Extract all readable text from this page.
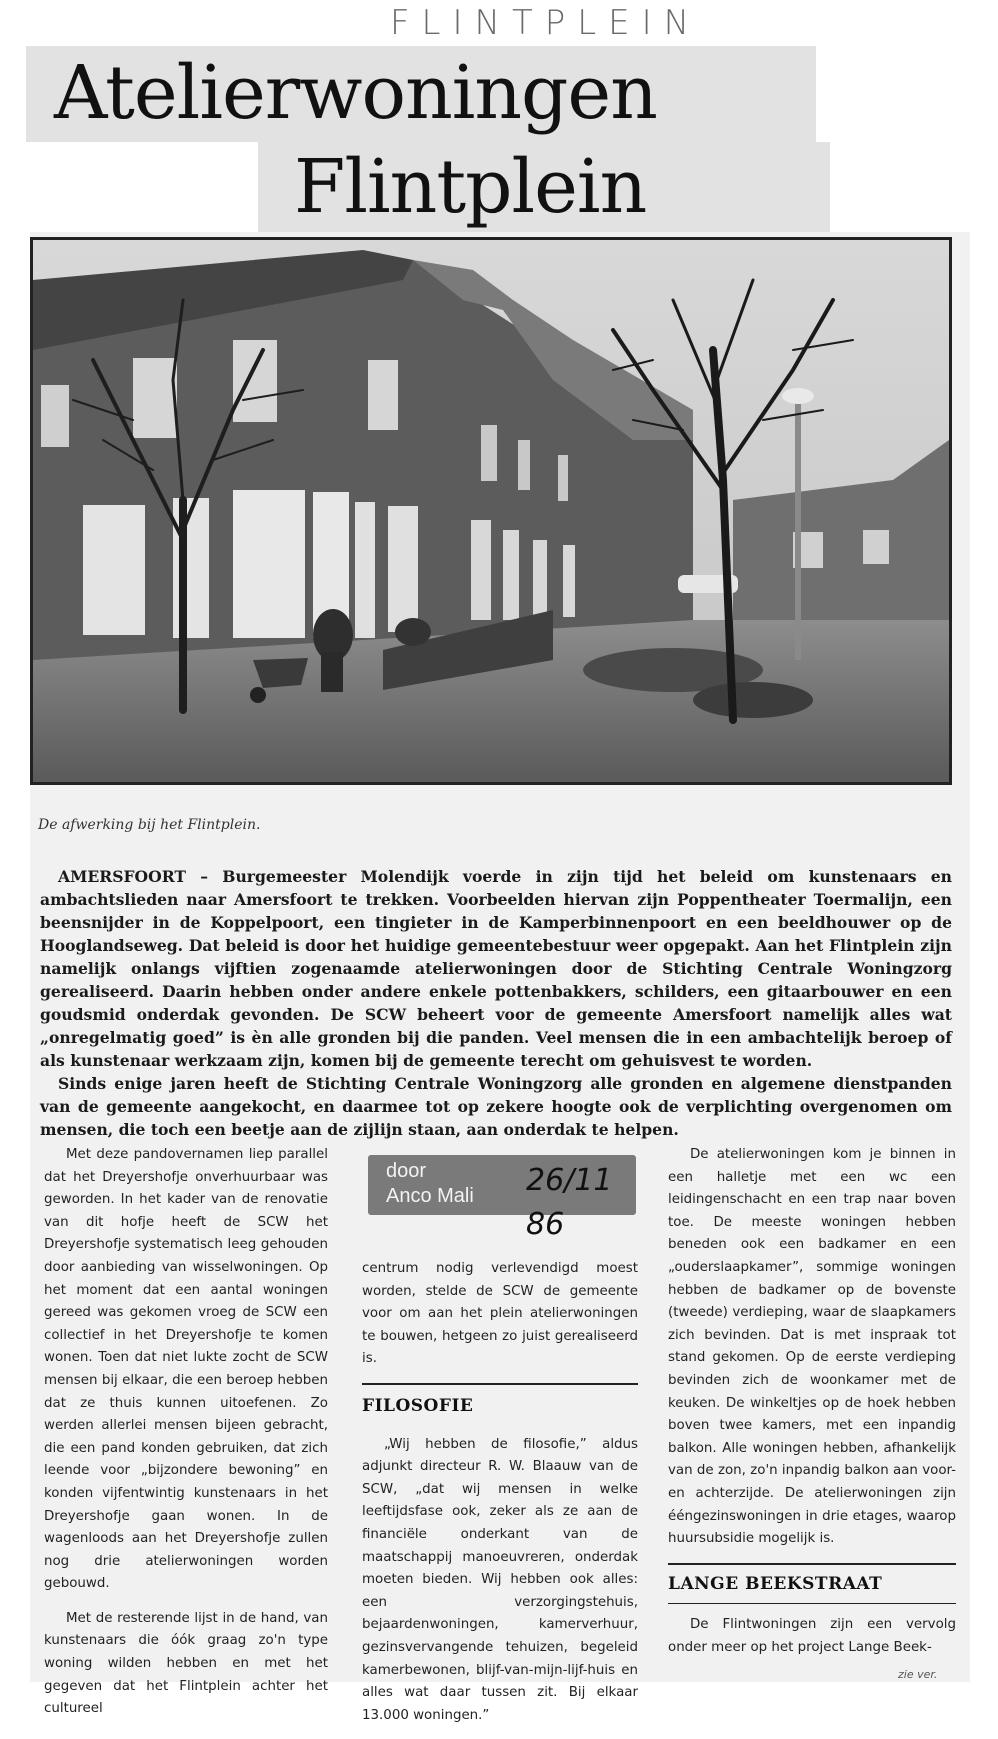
FLINTPLEIN
Atelierwoningen
Flintplein
De afwerking bij het Flintplein.

AMERSFOORT – Burgemeester Molendijk voerde in zijn tijd het beleid om kunstenaars en ambachtslieden naar Amersfoort te trekken. Voorbeelden hiervan zijn Poppentheater Toermalijn, een beensnijder in de Koppelpoort, een tingieter in de Kamperbinnenpoort en een beeldhouwer op de Hooglandseweg. Dat beleid is door het huidige gemeentebestuur weer opgepakt. Aan het Flintplein zijn namelijk onlangs vijftien zogenaamde atelierwoningen door de Stichting Centrale Woningzorg gerealiseerd. Daarin hebben onder andere enkele pottenbakkers, schilders, een gitaarbouwer en een goudsmid onderdak gevonden. De SCW beheert voor de gemeente Amersfoort namelijk alles wat „onregelmatig goed” is èn alle gronden bij die panden. Veel mensen die in een ambachtelijk beroep of als kunstenaar werkzaam zijn, komen bij de gemeente terecht om gehuisvest te worden.

Sinds enige jaren heeft de Stichting Centrale Woningzorg alle gronden en algemene dienstpanden van de gemeente aangekocht, en daarmee tot op zekere hoogte ook de verplichting overgenomen om mensen, die toch een beetje aan de zijlijn staan, aan onderdak te helpen.

Met deze pandovernamen liep parallel dat het Dreyershofje onverhuurbaar was geworden. In het kader van de renovatie van dit hofje heeft de SCW het Dreyershofje systematisch leeg gehouden door aanbieding van wisselwoningen. Op het moment dat een aantal woningen gereed was gekomen vroeg de SCW een collectief in het Dreyershofje te komen wonen. Toen dat niet lukte zocht de SCW mensen bij elkaar, die een beroep hebben dat ze thuis kunnen uitoefenen. Zo werden allerlei mensen bijeen gebracht, die een pand konden gebruiken, dat zich leende voor „bijzondere bewoning” en konden vijfentwintig kunstenaars in het Dreyershofje gaan wonen. In de wagenloods aan het Dreyershofje zullen nog drie atelierwoningen worden gebouwd.

Met de resterende lijst in de hand, van kunstenaars die óók graag zo'n type woning wilden hebben en met het gegeven dat het Flintplein achter het cultureel

door
Anco Mali 26/11 86

centrum nodig verlevendigd moest worden, stelde de SCW de gemeente voor om aan het plein atelierwoningen te bouwen, hetgeen zo juist gerealiseerd is.

FILOSOFIE

„Wij hebben de filosofie,” aldus adjunkt directeur R. W. Blaauw van de SCW, „dat wij mensen in welke leeftijdsfase ook, zeker als ze aan de financiële onderkant van de maatschappij manoeuvreren, onderdak moeten bieden. Wij hebben ook alles: een verzorgingstehuis, bejaardenwoningen, kamerverhuur, gezinsvervangende tehuizen, begeleid kamerbewonen, blijf-van-mijn-lijf-huis en alles wat daar tussen zit. Bij elkaar 13.000 woningen.”

De atelierwoningen kom je binnen in een halletje met een wc een leidingenschacht en een trap naar boven toe. De meeste woningen hebben beneden ook een badkamer en een „ouderslaapkamer”, sommige woningen hebben de badkamer op de bovenste (tweede) verdieping, waar de slaapkamers zich bevinden. Dat is met inspraak tot stand gekomen. Op de eerste verdieping bevinden zich de woonkamer met de keuken. De winkeltjes op de hoek hebben boven twee kamers, met een inpandig balkon. Alle woningen hebben, afhankelijk van de zon, zo'n inpandig balkon aan voor- en achterzijde. De atelierwoningen zijn ééngezinswoningen in drie etages, waarop huursubsidie mogelijk is.

LANGE BEEKSTRAAT

De Flintwoningen zijn een vervolg onder meer op het project Lange Beek-

zie ver.
